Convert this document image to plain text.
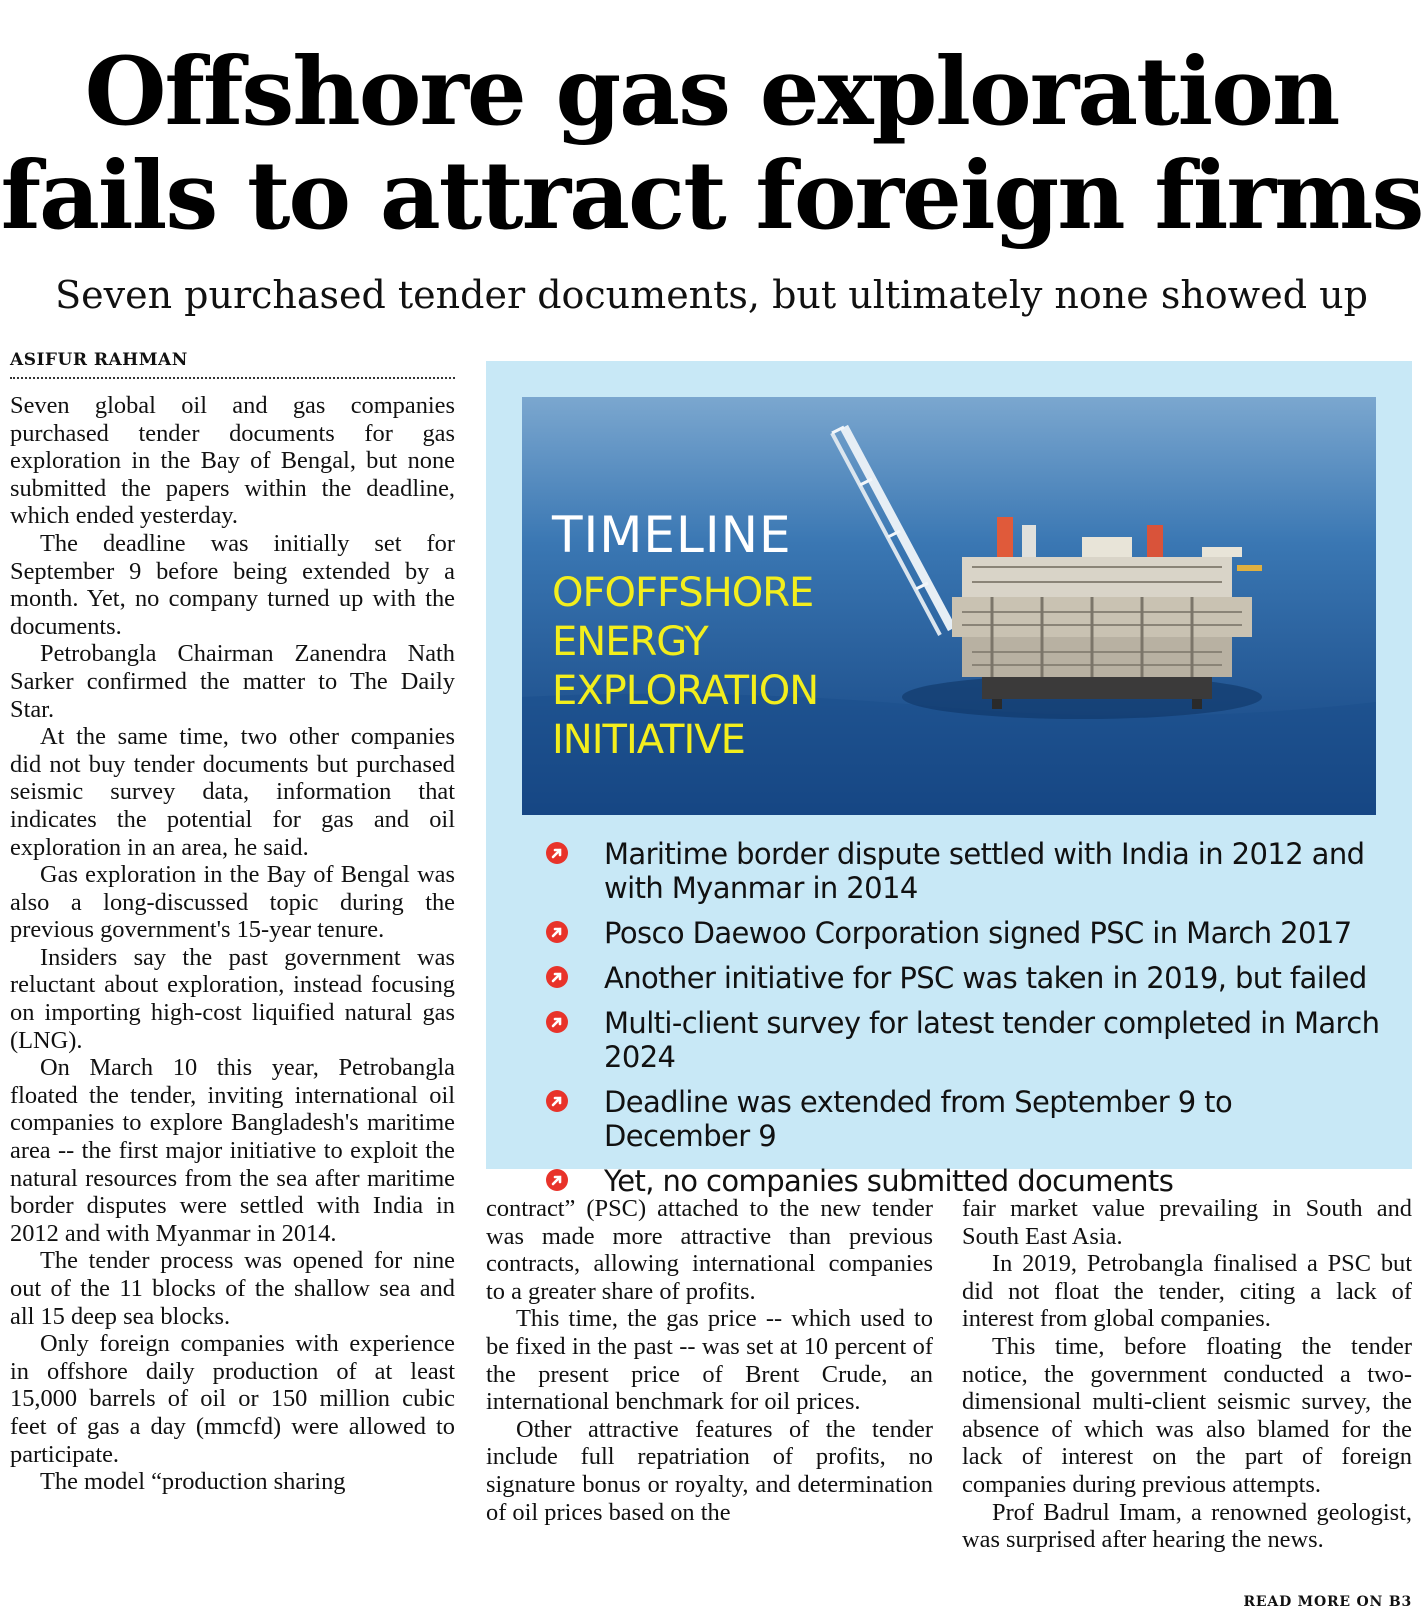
Offshore gas exploration
fails to attract foreign firms
Seven purchased tender documents, but ultimately none showed up
ASIFUR RAHMAN

Seven global oil and gas companies purchased tender documents for gas exploration in the Bay of Bengal, but none submitted the papers within the deadline, which ended yesterday.

The deadline was initially set for September 9 before being extended by a month. Yet, no company turned up with the documents.

Petrobangla Chairman Zanendra Nath Sarker confirmed the matter to The Daily Star.

At the same time, two other companies did not buy tender documents but purchased seismic survey data, information that indicates the potential for gas and oil exploration in an area, he said.

Gas exploration in the Bay of Bengal was also a long-discussed topic during the previous government's 15-year tenure.

Insiders say the past government was reluctant about exploration, instead focusing on importing high-cost liquified natural gas (LNG).

On March 10 this year, Petrobangla floated the tender, inviting international oil companies to explore Bangladesh's maritime area -- the first major initiative to exploit the natural resources from the sea after maritime border disputes were settled with India in 2012 and with Myanmar in 2014.

The tender process was opened for nine out of the 11 blocks of the shallow sea and all 15 deep sea blocks.

Only foreign companies with experience in offshore daily production of at least 15,000 barrels of oil or 150 million cubic feet of gas a day (mmcfd) were allowed to participate.

The model “production sharing

TIMELINE
OFOFFSHORE ENERGY EXPLORATION INITIATIVE
Maritime border dispute settled with India in 2012 and with Myanmar in 2014
Posco Daewoo Corporation signed PSC in March 2017
Another initiative for PSC was taken in 2019, but failed
Multi-client survey for latest tender completed in March 2024
Deadline was extended from September 9 to December 9
Yet, no companies submitted documents

contract” (PSC) attached to the new tender was made more attractive than previous contracts, allowing international companies to a greater share of profits.

This time, the gas price -- which used to be fixed in the past -- was set at 10 percent of the present price of Brent Crude, an international benchmark for oil prices.

Other attractive features of the tender include full repatriation of profits, no signature bonus or royalty, and determination of oil prices based on the

fair market value prevailing in South and South East Asia.

In 2019, Petrobangla finalised a PSC but did not float the tender, citing a lack of interest from global companies.

This time, before floating the tender notice, the government conducted a two-dimensional multi-client seismic survey, the absence of which was also blamed for the lack of interest on the part of foreign companies during previous attempts.

Prof Badrul Imam, a renowned geologist, was surprised after hearing the news.

READ MORE ON B3
